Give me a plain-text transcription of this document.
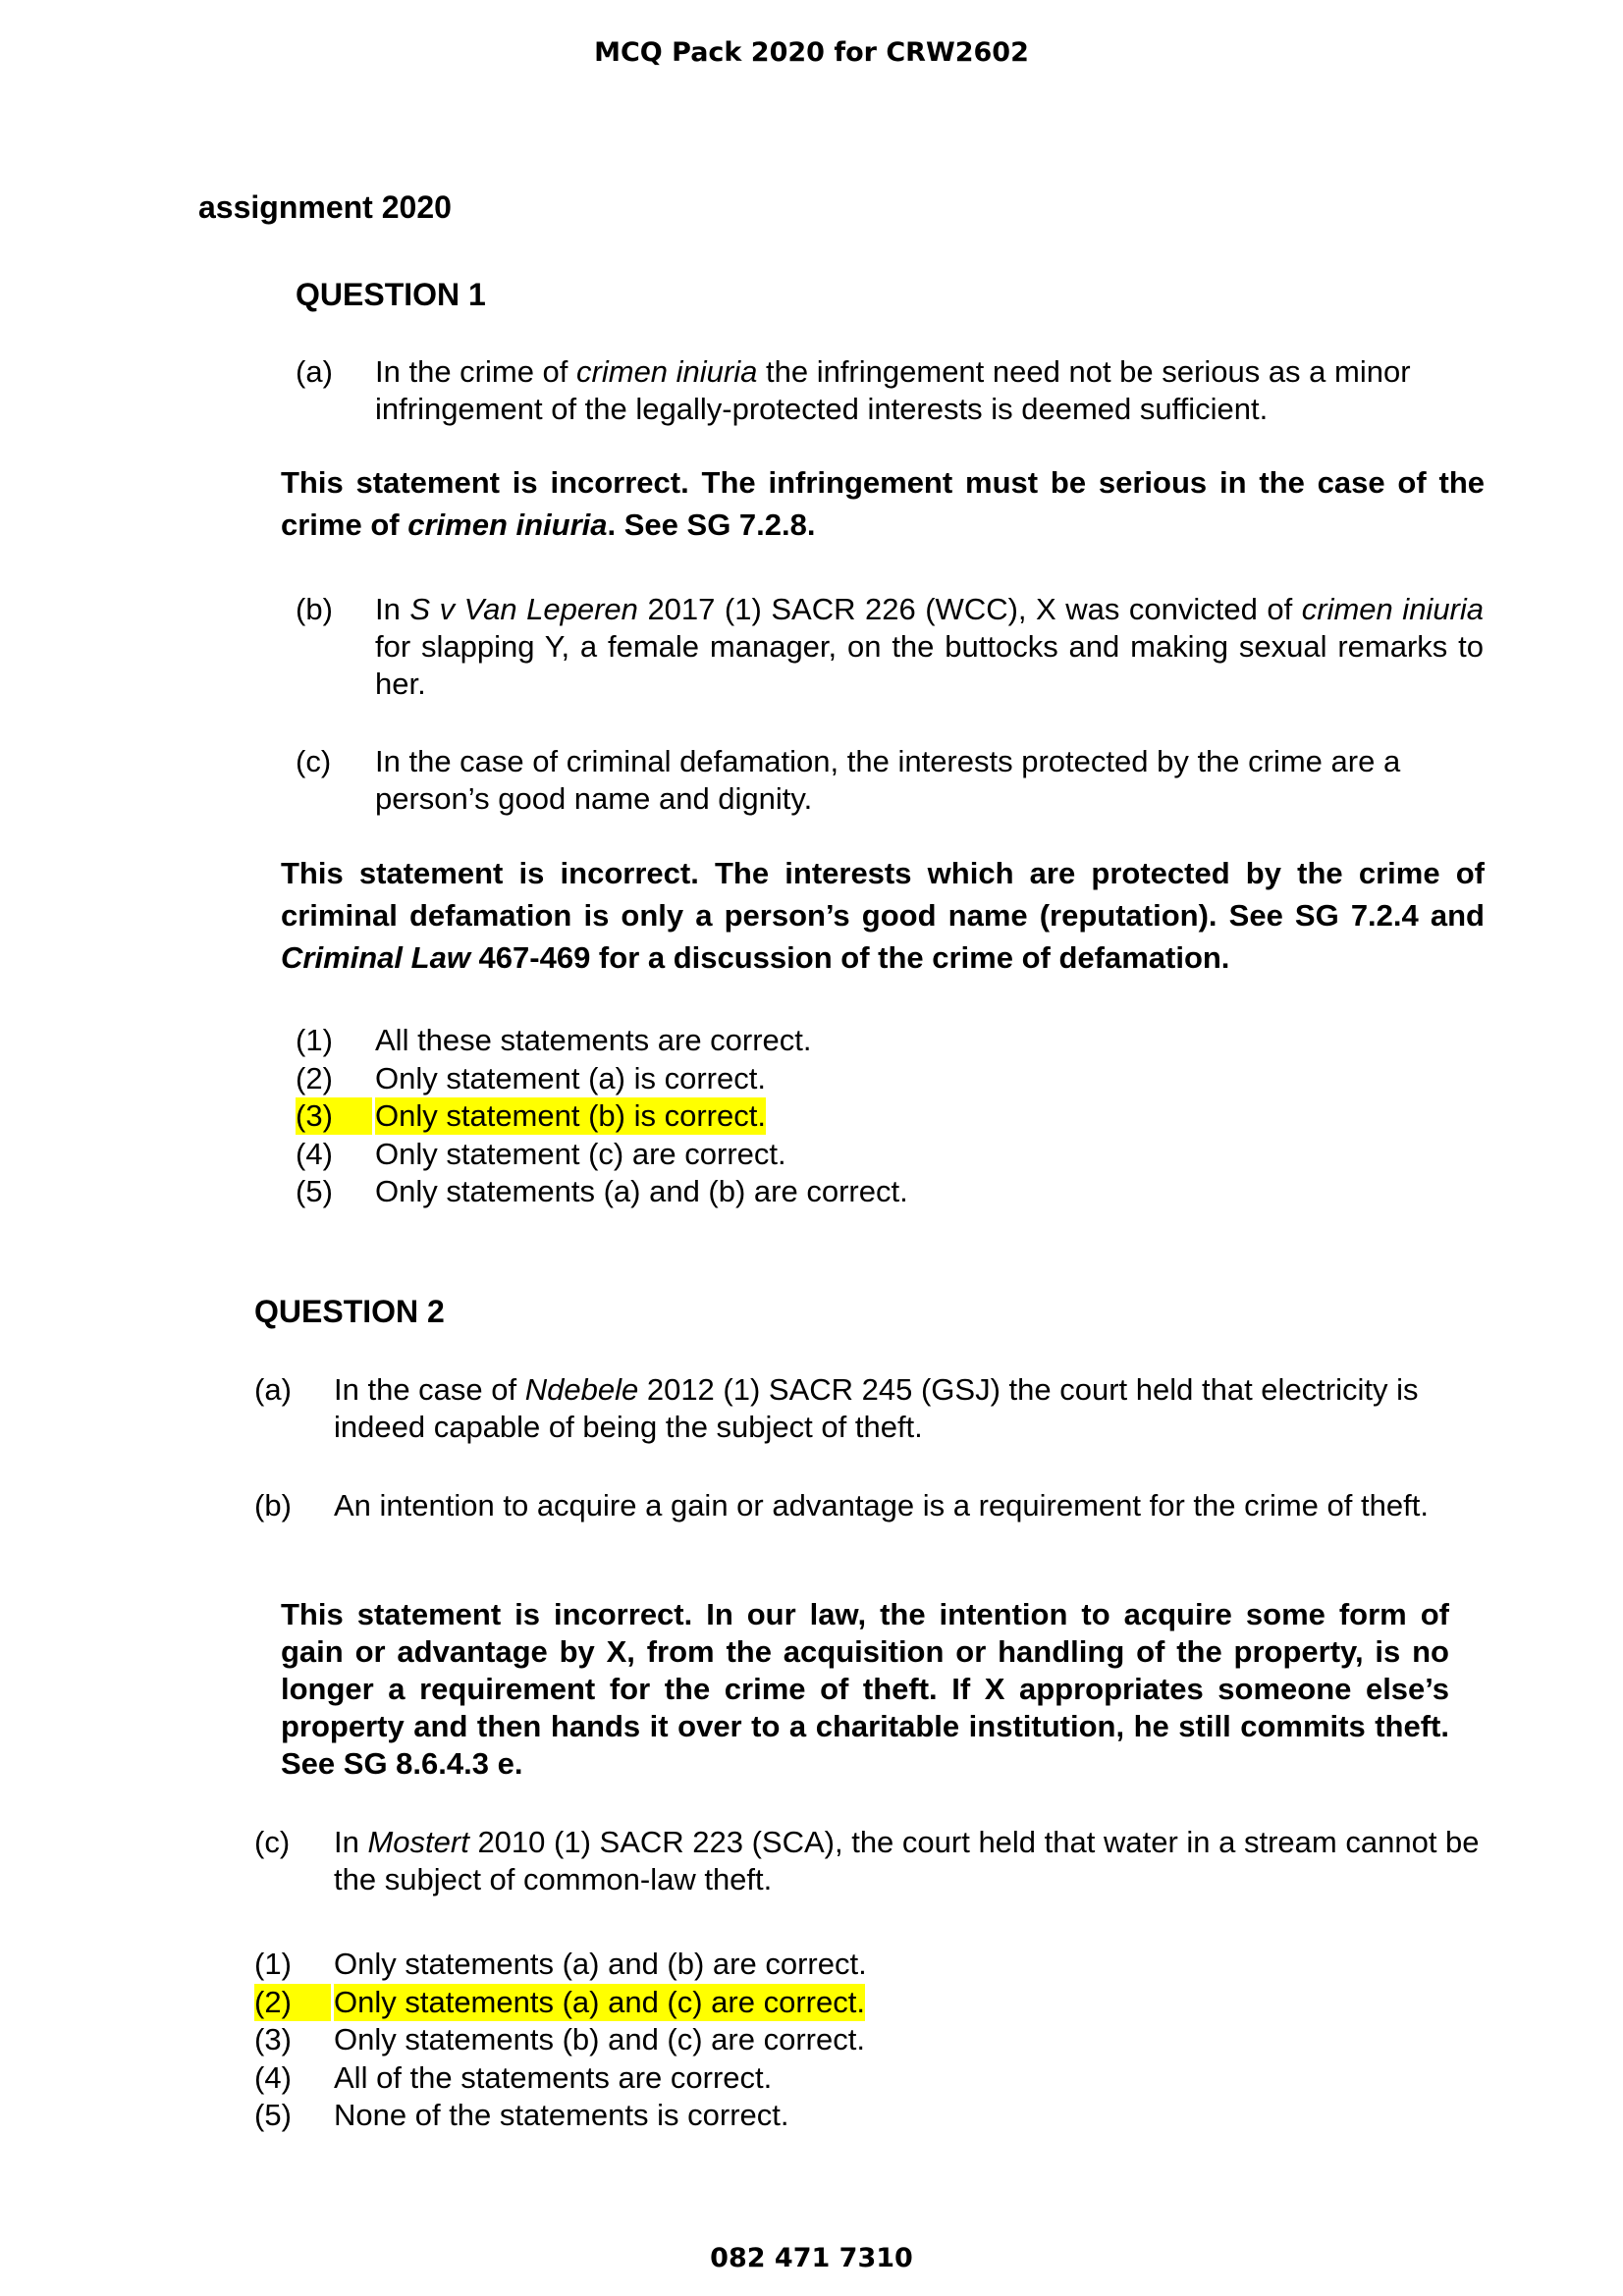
MCQ Pack 2020 for CRW2602
assignment 2020
QUESTION 1
(a) In the crime of crimen iniuria the infringement need not be serious as a minor infringement of the legally-protected interests is deemed sufficient.
This statement is incorrect. The infringement must be serious in the case of the crime of crimen iniuria. See SG 7.2.8.
(b) In S v Van Leperen 2017 (1) SACR 226 (WCC), X was convicted of crimen iniuria for slapping Y, a female manager, on the buttocks and making sexual remarks to her.
(c) In the case of criminal defamation, the interests protected by the crime are a person’s good name and dignity.
This statement is incorrect. The interests which are protected by the crime of criminal defamation is only a person’s good name (reputation). See SG 7.2.4 and Criminal Law 467-469 for a discussion of the crime of defamation.
(1) All these statements are correct.
(2) Only statement (a) is correct.
(3)	Only statement (b) is correct.
(4) Only statement (c) are correct.
(5) Only statements (a) and (b) are correct.
QUESTION 2
(a) In the case of Ndebele 2012 (1) SACR 245 (GSJ) the court held that electricity is indeed capable of being the subject of theft.
(b) An intention to acquire a gain or advantage is a requirement for the crime of theft.
This statement is incorrect. In our law, the intention to acquire some form of gain or advantage by X, from the acquisition or handling of the property, is no longer a requirement for the crime of theft. If X appropriates someone else’s property and then hands it over to a charitable institution, he still commits theft. See SG 8.6.4.3 e.
(c) In Mostert 2010 (1) SACR 223 (SCA), the court held that water in a stream cannot be the subject of common-law theft.
(1) Only statements (a) and (b) are correct.
(2)	Only statements (a) and (c) are correct.
(3) Only statements (b) and (c) are correct.
(4) All of the statements are correct.
(5) None of the statements is correct.
082 471 7310
